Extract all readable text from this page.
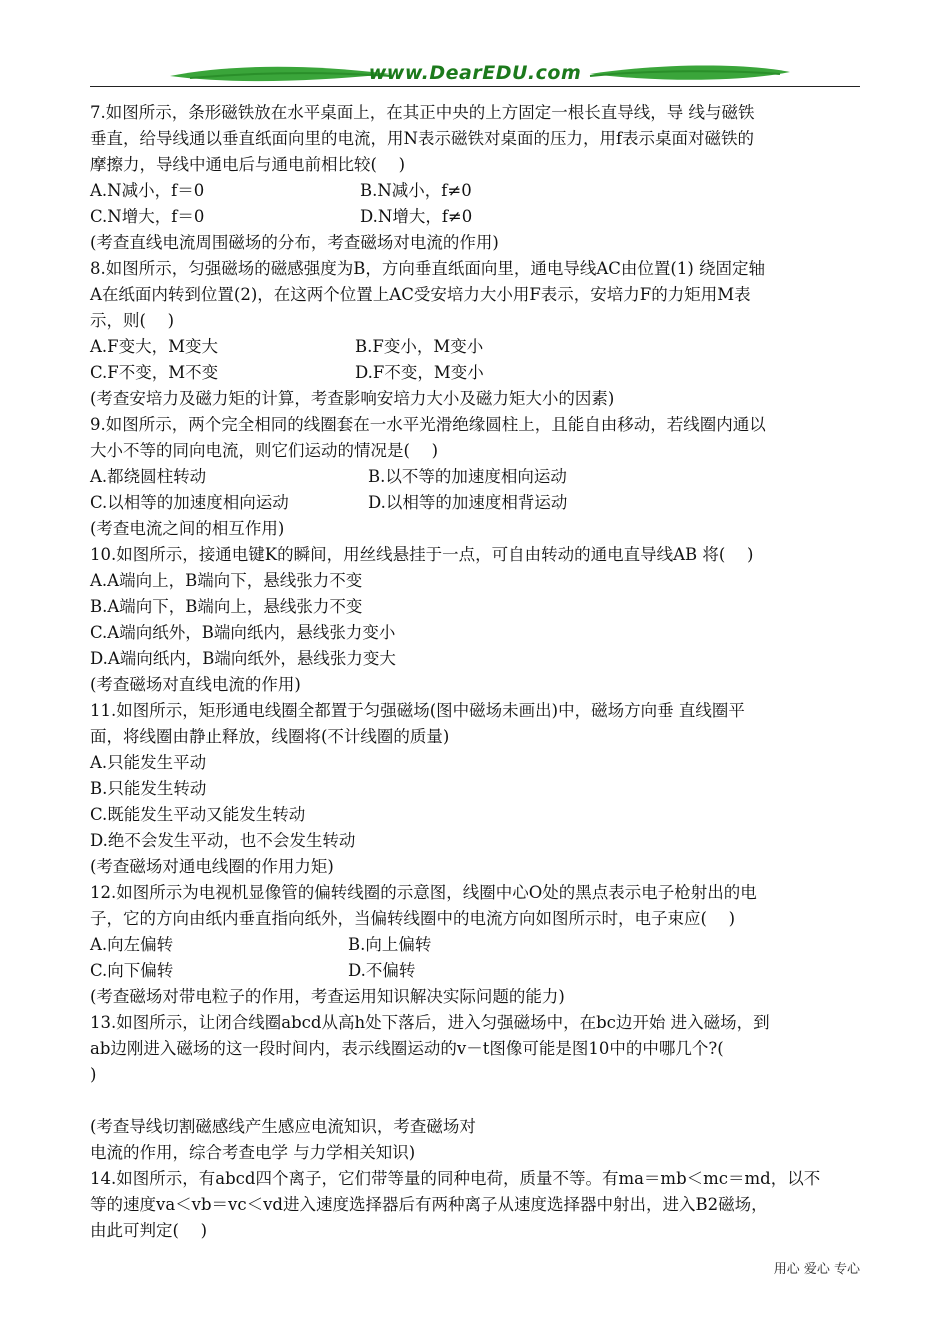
www.DearEDU.com
7.如图所示，条形磁铁放在水平桌面上，在其正中央的上方固定一根长直导线，导 线与磁铁
垂直，给导线通以垂直纸面向里的电流，用N表示磁铁对桌面的压力，用f表示桌面对磁铁的
摩擦力，导线中通电后与通电前相比较(　 )
A.N减小，f＝0	B.N减小，f≠0
C.N增大，f＝0	D.N增大，f≠0
(考查直线电流周围磁场的分布，考查磁场对电流的作用)
8.如图所示，匀强磁场的磁感强度为B，方向垂直纸面向里，通电导线AC由位置(1) 绕固定轴
A在纸面内转到位置(2)，在这两个位置上AC受安培力大小用F表示，安培力F的力矩用M表
示，则(　 )
A.F变大，M变大	B.F变小，M变小
C.F不变，M不变	D.F不变，M变小
(考查安培力及磁力矩的计算，考查影响安培力大小及磁力矩大小的因素)
9.如图所示，两个完全相同的线圈套在一水平光滑绝缘圆柱上，且能自由移动，若线圈内通以
大小不等的同向电流，则它们运动的情况是(　 )
A.都绕圆柱转动	B.以不等的加速度相向运动
C.以相等的加速度相向运动	D.以相等的加速度相背运动
(考查电流之间的相互作用)
10.如图所示，接通电键K的瞬间，用丝线悬挂于一点，可自由转动的通电直导线AB 将(　 )
A.A端向上，B端向下，悬线张力不变
B.A端向下，B端向上，悬线张力不变
C.A端向纸外，B端向纸内，悬线张力变小
D.A端向纸内，B端向纸外，悬线张力变大
(考查磁场对直线电流的作用)
11.如图所示，矩形通电线圈全都置于匀强磁场(图中磁场未画出)中，磁场方向垂 直线圈平
面，将线圈由静止释放，线圈将(不计线圈的质量)
A.只能发生平动
B.只能发生转动
C.既能发生平动又能发生转动
D.绝不会发生平动，也不会发生转动
(考查磁场对通电线圈的作用力矩)
12.如图所示为电视机显像管的偏转线圈的示意图，线圈中心O处的黑点表示电子枪射出的电
子，它的方向由纸内垂直指向纸外，当偏转线圈中的电流方向如图所示时，电子束应(　 )
A.向左偏转	B.向上偏转
C.向下偏转	D.不偏转
(考查磁场对带电粒子的作用，考查运用知识解决实际问题的能力)
13.如图所示，让闭合线圈abcd从高h处下落后，进入匀强磁场中，在bc边开始 进入磁场，到
ab边刚进入磁场的这一段时间内，表示线圈运动的v－t图像可能是图10中的中哪几个?(
)
(考查导线切割磁感线产生感应电流知识，考查磁场对
电流的作用，综合考查电学 与力学相关知识)
14.如图所示，有abcd四个离子，它们带等量的同种电荷，质量不等。有ma＝mb＜mc＝md，以不
等的速度va＜vb＝vc＜vd进入速度选择器后有两种离子从速度选择器中射出，进入B2磁场，
由此可判定(　 )
用心 爱心 专心
